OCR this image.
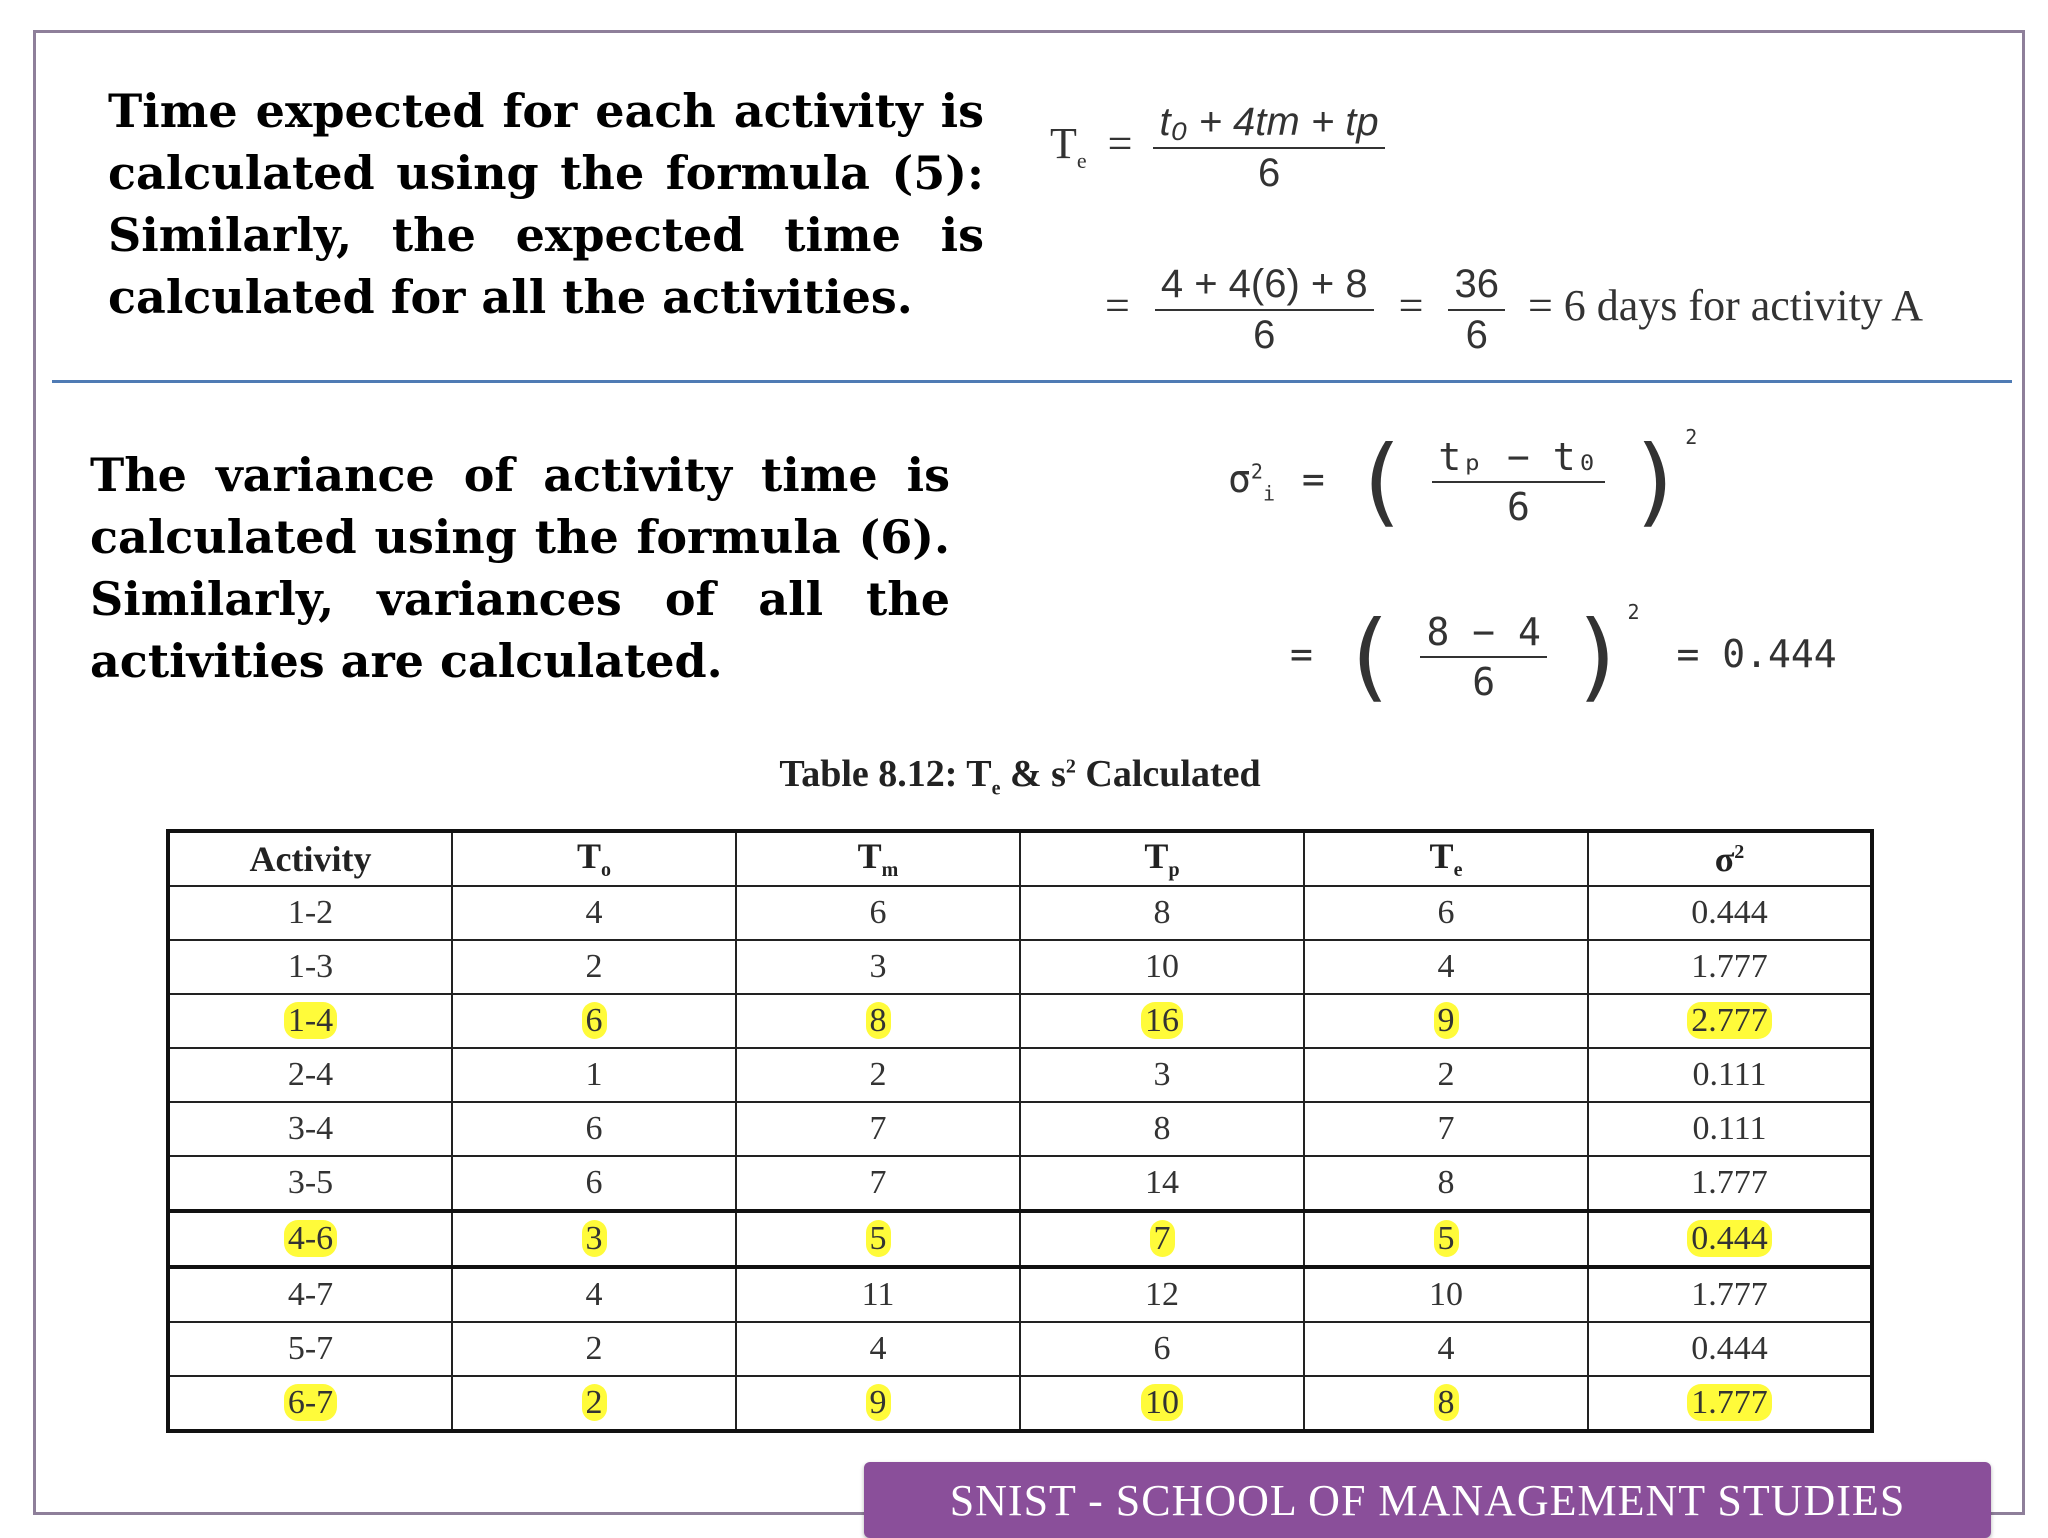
Time expected for each activity is calculated using the formula (5): Similarly, the expected time is calculated for all the activities.
$T_e = \frac{\text{t₀ + 4tm + tp}}{6}$
= $\frac{4 + 4(6) + 8}{6} = \frac{36}{6} = 6$ days for activity A
The variance of activity time is calculated using the formula (6). Similarly, variances of all the activities are calculated.
$\sigma^2_i$ = ( $\frac{\text{tₚ − t₀}}{6} )^2$
= ( $\frac{8 - 4}{6} )^2 = 0.444$
Table 8.12: $T_e$ & $s^2$ Calculated
Activity	$T_o$	$T_m$	$T_p$	$T_e$	$\sigma^2$
1-2	4	6	8	6	0.444
1-3	2	3	10	4	1.777
1-4	6	8	16	9	2.777
2-4	1	2	3	2	0.111
3-4	6	7	8	7	0.111
3-5	6	7	14	8	1.777
4-6	3	5	7	5	0.444
4-7	4	11	12	10	1.777
5-7	2	4	6	4	0.444
6-7	2	9	10	8	1.777
SNIST - SCHOOL OF MANAGEMENT STUDIES
